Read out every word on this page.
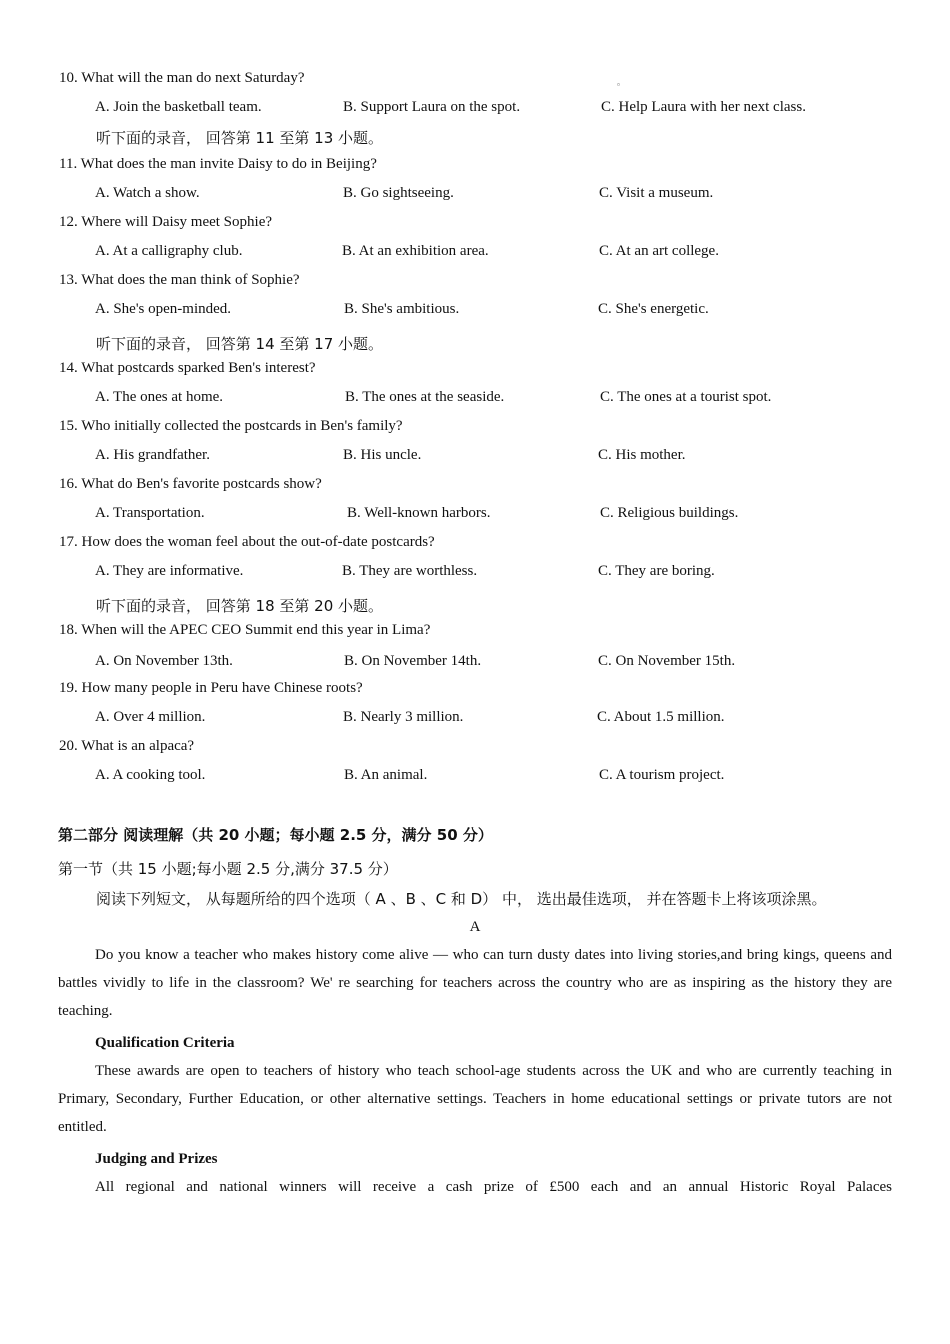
▫
10. What will the man do next Saturday?
A. Join the basketball team.	B. Support Laura on the spot.	C. Help Laura with her next class.
听下面的录音， 回答第 11 至第 13 小题。
11. What does the man invite Daisy to do in Beijing?
A. Watch a show.	B. Go sightseeing.	C. Visit a museum.
12. Where will Daisy meet Sophie?
A. At a calligraphy club.	B. At an exhibition area.	C. At an art college.
13. What does the man think of Sophie?
A. She's open-minded.	B. She's ambitious.	C. She's energetic.
听下面的录音， 回答第 14 至第 17 小题。
14. What postcards sparked Ben's interest?
A. The ones at home.	B. The ones at the seaside.	C. The ones at a tourist spot.
15. Who initially collected the postcards in Ben's family?
A. His grandfather.	B. His uncle.	C. His mother.
16. What do Ben's favorite postcards show?
A. Transportation.	B. Well-known harbors.	C. Religious buildings.
17. How does the woman feel about the out-of-date postcards?
A. They are informative.	B. They are worthless.	C. They are boring.
听下面的录音， 回答第 18 至第 20 小题。
18. When will the APEC CEO Summit end this year in Lima?
A. On November 13th.	B. On November 14th.	C. On November 15th.
19. How many people in Peru have Chinese roots?
A. Over 4 million.	B. Nearly 3 million.	C. About 1.5 million.
20. What is an alpaca?
A. A cooking tool.	B. An animal.	C. A tourism project.
第二部分 阅读理解（共 20 小题；每小题 2.5 分，满分 50 分）
第一节（共 15 小题;每小题 2.5 分,满分 37.5 分）
阅读下列短文， 从每题所给的四个选项（ A 、B 、C 和 D） 中， 选出最佳选项， 并在答题卡上将该项涂黑。
A
Do you know a teacher who makes history come alive — who can turn dusty dates into living stories,and bring kings, queens and battles vividly to life in the classroom? We' re searching for teachers across the country who are as inspiring as the history they are teaching.
Qualification Criteria
These awards are open to teachers of history who teach school-age students across the UK and who are currently teaching in Primary, Secondary, Further Education, or other alternative settings. Teachers in home educational settings or private tutors are not entitled.
Judging and Prizes
All regional and national winners will receive a cash prize of £500 each and an annual Historic Royal Palaces
